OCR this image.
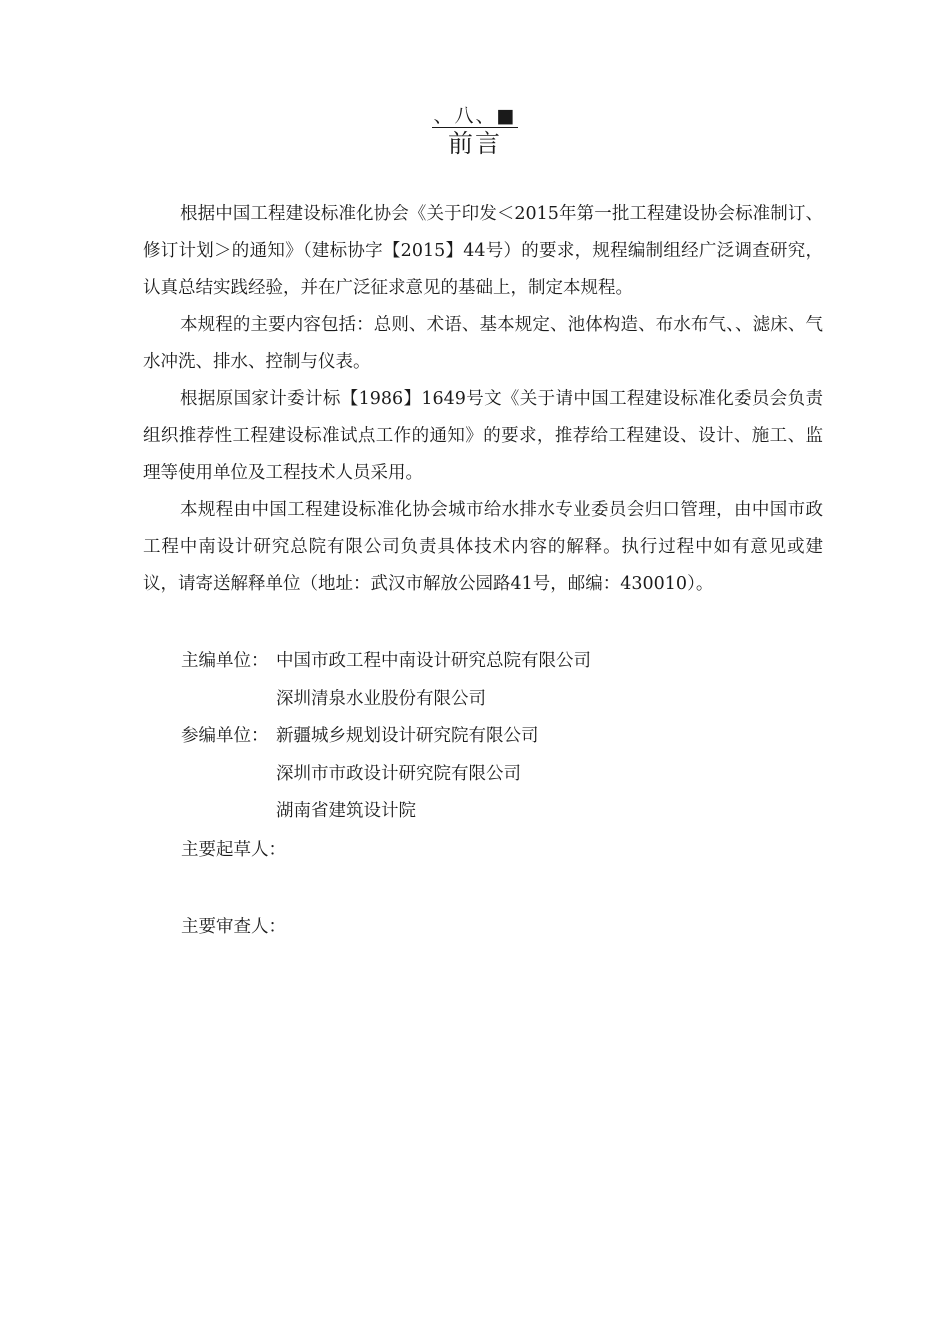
、八、■
前言

根据中国工程建设标准化协会《关于印发＜2015年第一批工程建设协会标准制订、修订计划＞的通知》（建标协字【2015】44号）的要求，规程编制组经广泛调查研究，认真总结实践经验，并在广泛征求意见的基础上，制定本规程。

本规程的主要内容包括：总则、术语、基本规定、池体构造、布水布气、、滤床、气水冲洗、排水、控制与仪表。

根据原国家计委计标【1986】1649号文《关于请中国工程建设标准化委员会负责组织推荐性工程建设标准试点工作的通知》的要求，推荐给工程建设、设计、施工、监理等使用单位及工程技术人员采用。

本规程由中国工程建设标准化协会城市给水排水专业委员会归口管理，由中国市政工程中南设计研究总院有限公司负责具体技术内容的解释。执行过程中如有意见或建议，请寄送解释单位（地址：武汉市解放公园路41号，邮编：430010）。

主编单位： 中国市政工程中南设计研究总院有限公司
深圳清泉水业股份有限公司
参编单位： 新疆城乡规划设计研究院有限公司
深圳市市政设计研究院有限公司
湖南省建筑设计院
主要起草人：
主要审查人：
